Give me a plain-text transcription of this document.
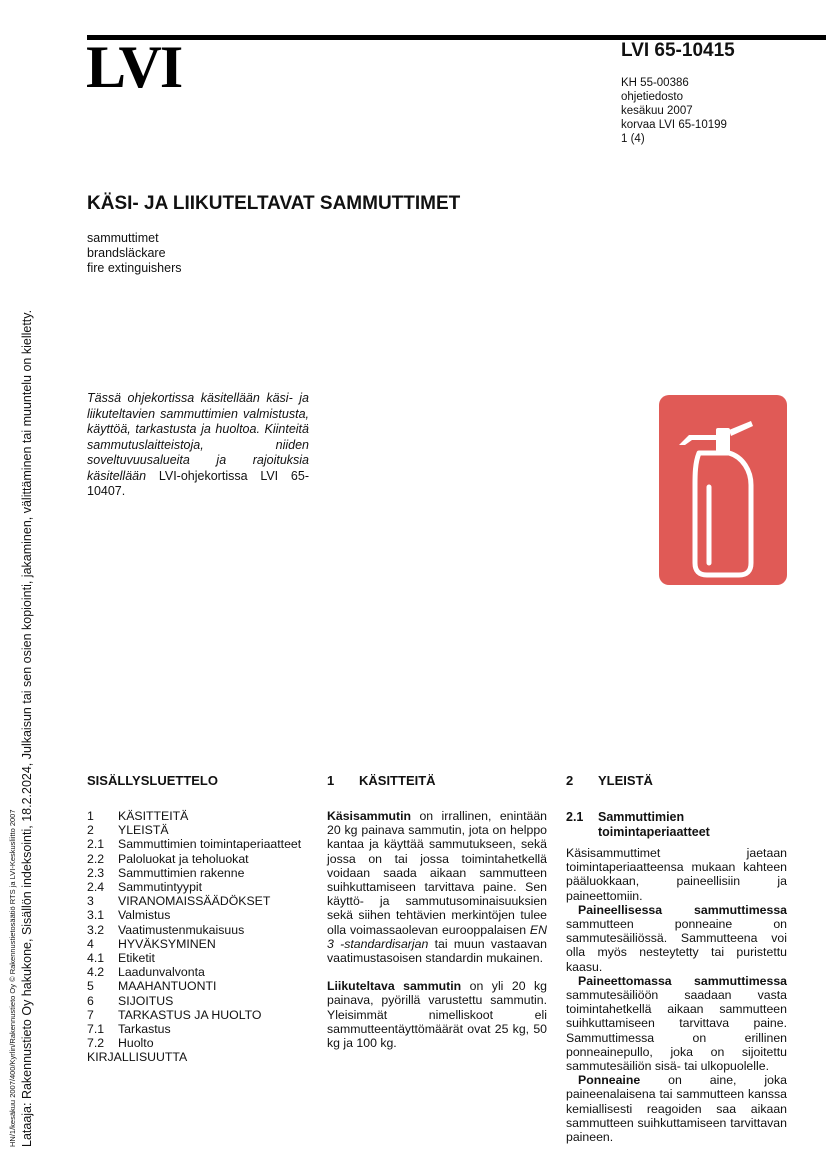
LVI	LVI 65-10415
KH 55-00386
ohjetiedosto
kesäkuu 2007
korvaa LVI 65-10199
1 (4)
KÄSI- JA LIIKUTELTAVAT SAMMUTTIMET
sammuttimet
brandsläckare
fire extinguishers
Tässä ohjekortissa käsitellään käsi- ja liikuteltavien sammuttimien valmistusta, käyttöä, tarkastusta ja huoltoa. Kiinteitä sammutuslaitteistoja, niiden soveltuvuusalueita ja rajoituksia käsitellään LVI-ohjekortissa LVI 65-10407.
HN/1/kesäkuu 2007/400/Kyrlin/Rakennustieto Oy © Rakennustietosäätiö RTS ja LVI-Keskusliitto 2007 Lataaja: Rakennustieto Oy hakukone, Sisällön indeksointi, 18.2.2024, Julkaisun tai sen osien kopiointi, jakaminen, välittäminen tai muuntelu on kielletty.	SISÄLLYSLUETTELO
1	KÄSITTEITÄ
2	YLEISTÄ
2.1	Sammuttimien toimintaperiaatteet
2.2	Paloluokat ja teholuokat
2.3	Sammuttimien rakenne
2.4	Sammutintyypit
3	VIRANOMAISSÄÄDÖKSET
3.1	Valmistus
3.2	Vaatimustenmukaisuus
4	HYVÄKSYMINEN
4.1	Etiketit
4.2	Laadunvalvonta
5	MAAHANTUONTI
6	SIJOITUS
7	TARKASTUS JA HUOLTO
7.1	Tarkastus
7.2	Huolto
KIRJALLISUUTTA
1	KÄSITTEITÄ

Käsisammutin on irrallinen, enintään 20 kg painava sammutin, jota on helppo kantaa ja käyttää sammutukseen, sekä jossa on tai jossa toimintahetkellä voidaan saada aikaan sammutteen suihkuttamiseen tarvittava paine. Sen käyttö- ja sammutusominaisuuksien sekä siihen tehtävien merkintöjen tulee olla voimassaolevan eurooppalaisen EN 3 -standardisarjan tai muun vastaavan vaatimustasoisen standardin mukainen.

Liikuteltava sammutin on yli 20 kg painava, pyörillä varustettu sammutin. Yleisimmät nimelliskoot eli sammutteentäyttömäärät ovat 25 kg, 50 kg ja 100 kg.

2	YLEISTÄ
2.1	Sammuttimien toimintaperiaatteet

Käsisammuttimet jaetaan toimintaperiaatteensa mukaan kahteen pääluokkaan, paineellisiin ja paineettomiin.

Paineellisessa sammuttimessa sammutteen ponneaine on sammutesäiliössä. Sammutteena voi olla myös nesteytetty tai puristettu kaasu.

Paineettomassa sammuttimessa sammutesäiliöön saadaan vasta toimintahetkellä aikaan sammutteen suihkuttamiseen tarvittava paine. Sammuttimessa on erillinen ponneainepullo, joka on sijoitettu sammutesäiliön sisä- tai ulkopuolelle.

Ponneaine on aine, joka paineenalaisena tai sammutteen kanssa kemiallisesti reagoiden saa aikaan sammutteen suihkuttamiseen tarvittavan paineen.
